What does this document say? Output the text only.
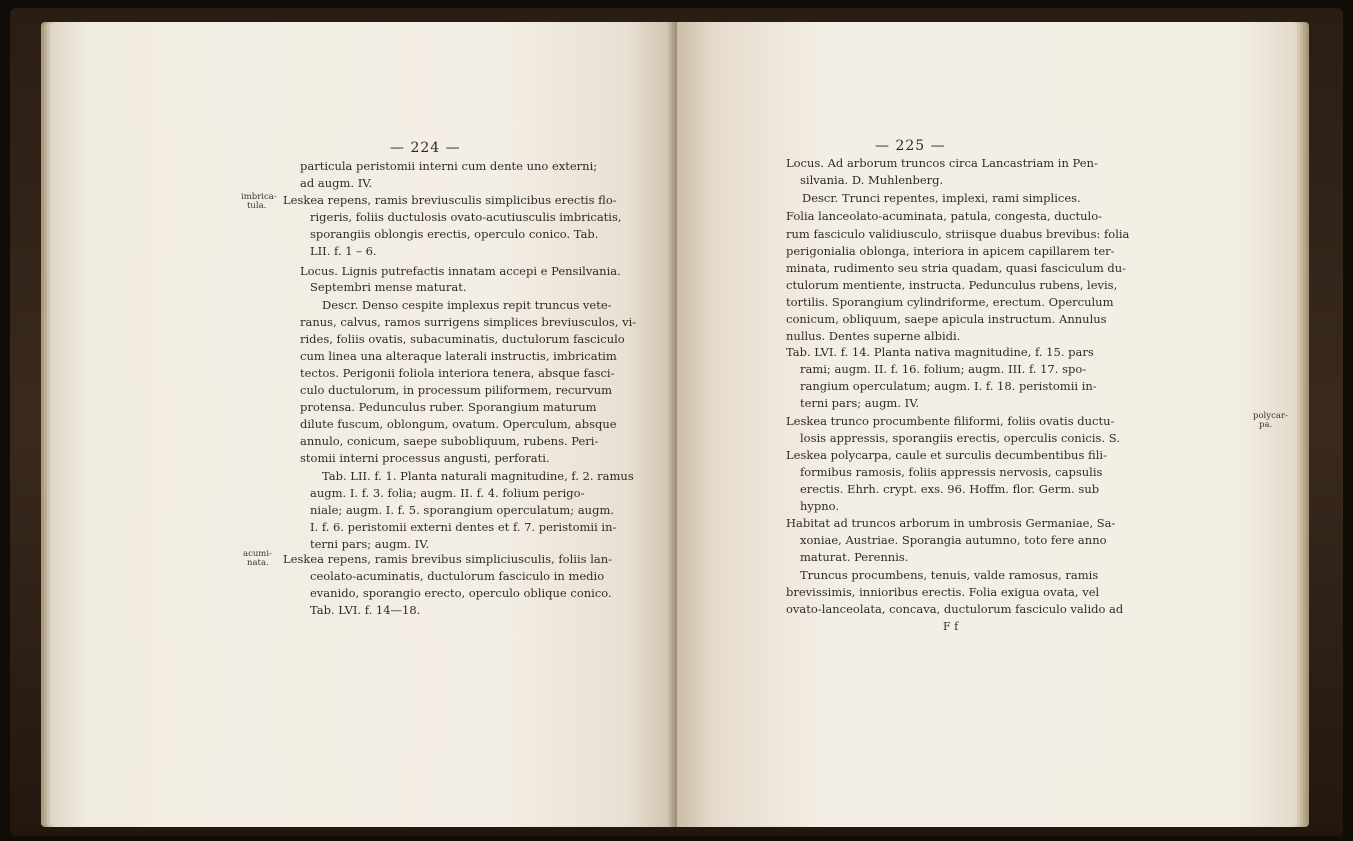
— 224 —
particula peristomii interni cum dente uno externi;
ad augm. IV.
Leskea repens, ramis breviusculis simplicibus erectis flo-
rigeris, foliis ductulosis ovato-acutiusculis imbricatis,
sporangiis oblongis erectis, operculo conico. Tab.
LII. f. 1 – 6.
Locus. Lignis putrefactis innatam accepi e Pensilvania.
Septembri mense maturat.
Descr. Denso cespite implexus repit truncus vete-
ranus, calvus, ramos surrigens simplices breviusculos, vi-
rides, foliis ovatis, subacuminatis, ductulorum fasciculo
cum linea una alteraque laterali instructis, imbricatim
tectos. Perigonii foliola interiora tenera, absque fasci-
culo ductulorum, in processum piliformem, recurvum
protensa. Pedunculus ruber. Sporangium maturum
dilute fuscum, oblongum, ovatum. Operculum, absque
annulo, conicum, saepe subobliquum, rubens. Peri-
stomii interni processus angusti, perforati.
Tab. LII. f. 1. Planta naturali magnitudine, f. 2. ramus
augm. I. f. 3. folia; augm. II. f. 4. folium perigo-
niale; augm. I. f. 5. sporangium operculatum; augm.
I. f. 6. peristomii externi dentes et f. 7. peristomii in-
terni pars; augm. IV.
Leskea repens, ramis brevibus simpliciusculis, foliis lan-
ceolato-acuminatis, ductulorum fasciculo in medio
evanido, sporangio erecto, operculo oblique conico.
Tab. LVI. f. 14—18.
imbrica-
tula.
acumi-
nata.
— 225 —
Locus. Ad arborum truncos circa Lancastriam in Pen-
silvania. D. Muhlenberg.
Descr. Trunci repentes, implexi, rami simplices.
Folia lanceolato-acuminata, patula, congesta, ductulo-
rum fasciculo validiusculo, striisque duabus brevibus: folia
perigonialia oblonga, interiora in apicem capillarem ter-
minata, rudimento seu stria quadam, quasi fasciculum du-
ctulorum mentiente, instructa. Pedunculus rubens, levis,
tortilis. Sporangium cylindriforme, erectum. Operculum
conicum, obliquum, saepe apicula instructum. Annulus
nullus. Dentes superne albidi.
Tab. LVI. f. 14. Planta nativa magnitudine, f. 15. pars
rami; augm. II. f. 16. folium; augm. III. f. 17. spo-
rangium operculatum; augm. I. f. 18. peristomii in-
terni pars; augm. IV.
Leskea trunco procumbente filiformi, foliis ovatis ductu-
losis appressis, sporangiis erectis, operculis conicis. S.
Leskea polycarpa, caule et surculis decumbentibus fili-
formibus ramosis, foliis appressis nervosis, capsulis
erectis. Ehrh. crypt. exs. 96. Hoffm. flor. Germ. sub
hypno.
Habitat ad truncos arborum in umbrosis Germaniae, Sa-
xoniae, Austriae. Sporangia autumno, toto fere anno
maturat. Perennis.
Truncus procumbens, tenuis, valde ramosus, ramis
brevissimis, innioribus erectis. Folia exigua ovata, vel
ovato-lanceolata, concava, ductulorum fasciculo valido ad
polycar-
pa.
F f
